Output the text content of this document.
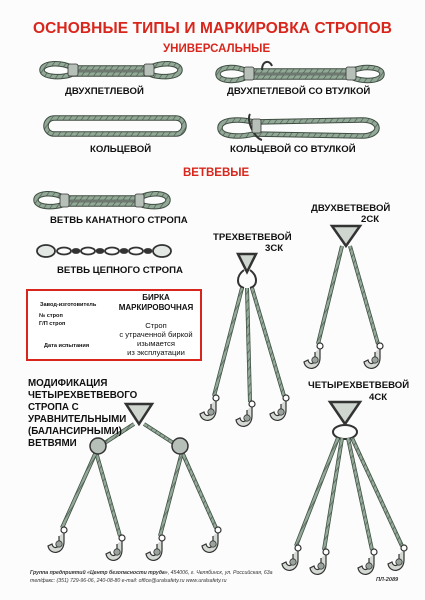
ОСНОВНЫЕ ТИПЫ И МАРКИРОВКА СТРОПОВ
УНИВЕРСАЛЬНЫЕ
ВЕТВЕВЫЕ
ДВУХПЕТЛЕВОЙ	ДВУХПЕТЛЕВОЙ СО ВТУЛКОЙ
КОЛЬЦЕВОЙ	КОЛЬЦЕВОЙ СО ВТУЛКОЙ
ВЕТВЬ КАНАТНОГО СТРОПА
ВЕТВЬ ЦЕПНОГО СТРОПА
ТРЕХВЕТВЕВОЙ
3СК
ДВУХВЕТВЕВОЙ
2СК
ЧЕТЫРЕХВЕТВЕВОЙ
4СК
МОДИФИКАЦИЯ
ЧЕТЫРЕХВЕТВЕВОГО
СТРОПА С
УРАВНИТЕЛЬНЫМИ
(БАЛАНСИРНЫМИ)
ВЕТВЯМИ
Завод-изготовитель
№ строп
Г/П строп
Дата испытания
БИРКА
МАРКИРОВОЧНАЯ
Строп
с утраченной биркой
изымается
из эксплуатации
Группа предприятий «Центр безопасности труда», 454006, г. Челябинск, ул. Российская, 63а
тел/факс: (351) 729-96-06, 240-08-80 e-mail: office@uralsafety.ru www.uralsafety.ru	ПЛ-2089
